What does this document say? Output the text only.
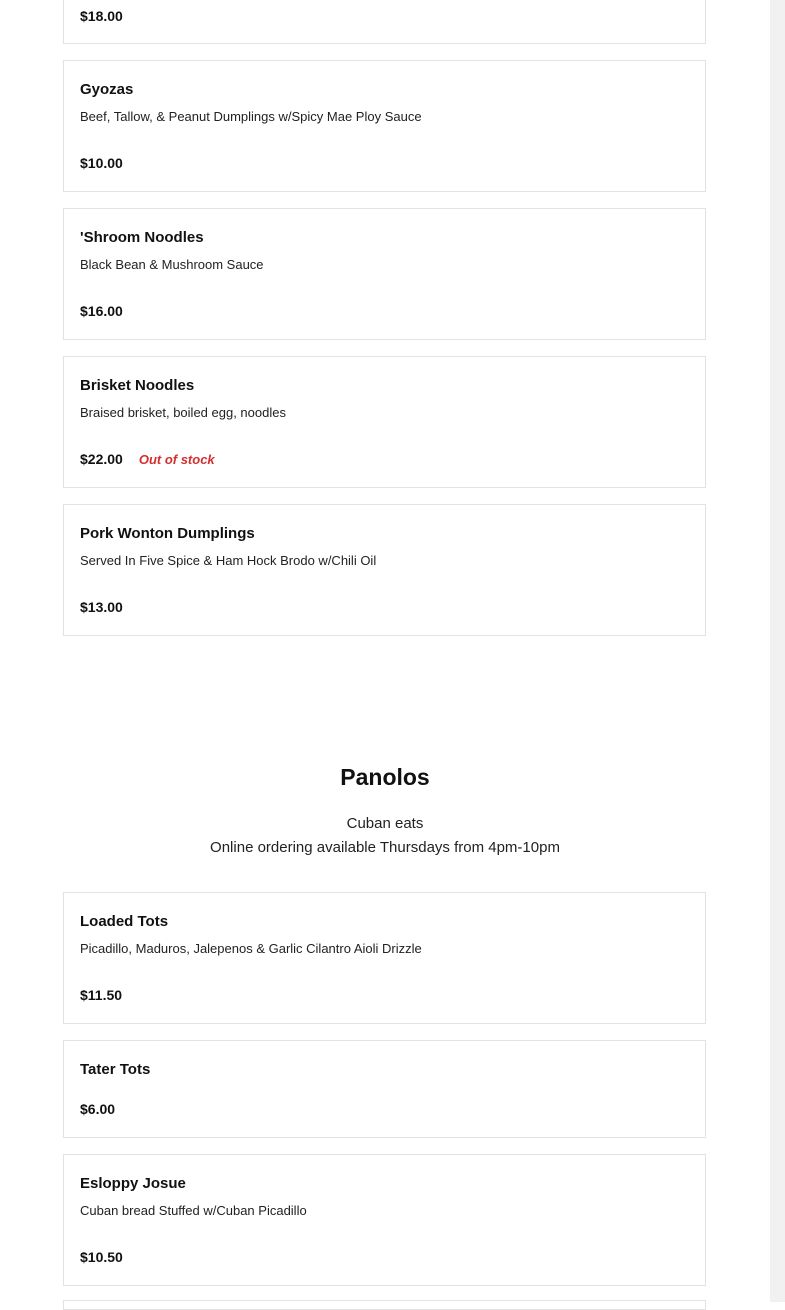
$18.00
Gyozas
Beef, Tallow, & Peanut Dumplings w/Spicy Mae Ploy Sauce
$10.00
'Shroom Noodles
Black Bean & Mushroom Sauce
$16.00
Brisket Noodles
Braised brisket, boiled egg, noodles
$22.00 Out of stock
Pork Wonton Dumplings
Served In Five Spice & Ham Hock Brodo w/Chili Oil
$13.00
Panolos
Cuban eats
Online ordering available Thursdays from 4pm-10pm
Loaded Tots
Picadillo, Maduros, Jalepenos & Garlic Cilantro Aioli Drizzle
$11.50
Tater Tots
$6.00
Esloppy Josue
Cuban bread Stuffed w/Cuban Picadillo
$10.50
